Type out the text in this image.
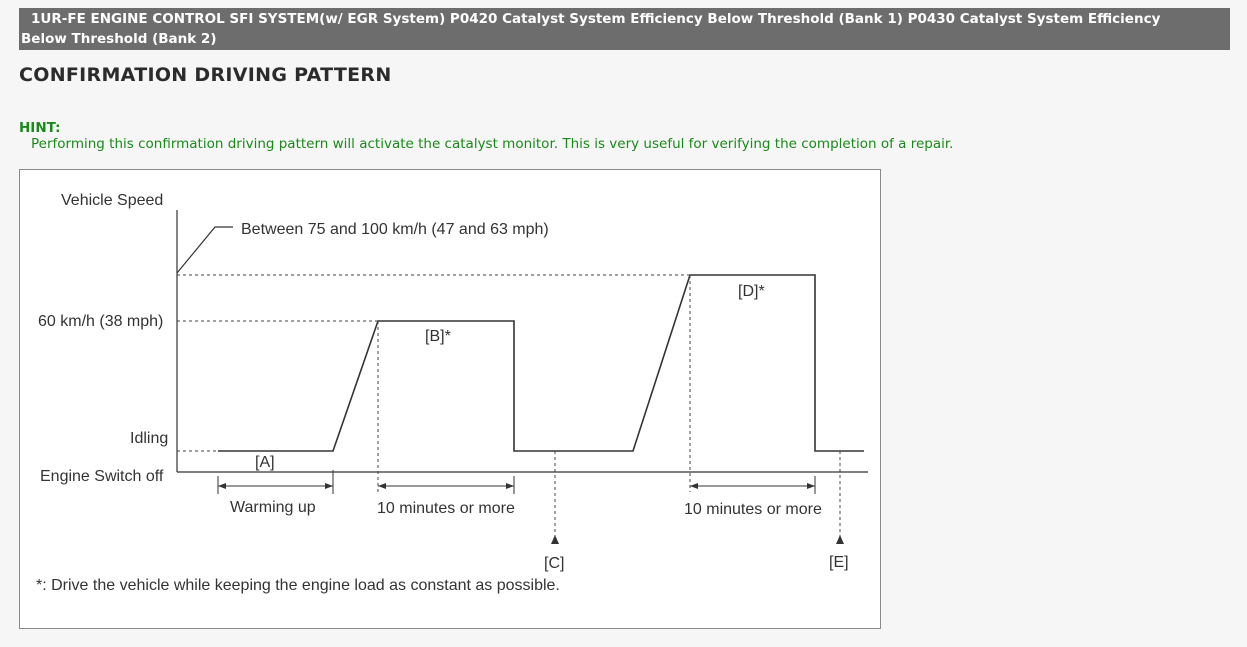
1UR-FE ENGINE CONTROL SFI SYSTEM(w/ EGR System) P0420 Catalyst System Efficiency Below Threshold (Bank 1) P0430 Catalyst System Efficiency
Below Threshold (Bank 2)
CONFIRMATION DRIVING PATTERN
HINT:
Performing this confirmation driving pattern will activate the catalyst monitor. This is very useful for verifying the completion of a repair.
Vehicle Speed
Between 75 and 100 km/h (47 and 63 mph)
60 km/h (38 mph)
Idling
Engine Switch off
[A]
[B]*
[C]
[D]*
[E]
Warming up	10 minutes or more	10 minutes or more
*: Drive the vehicle while keeping the engine load as constant as possible.
